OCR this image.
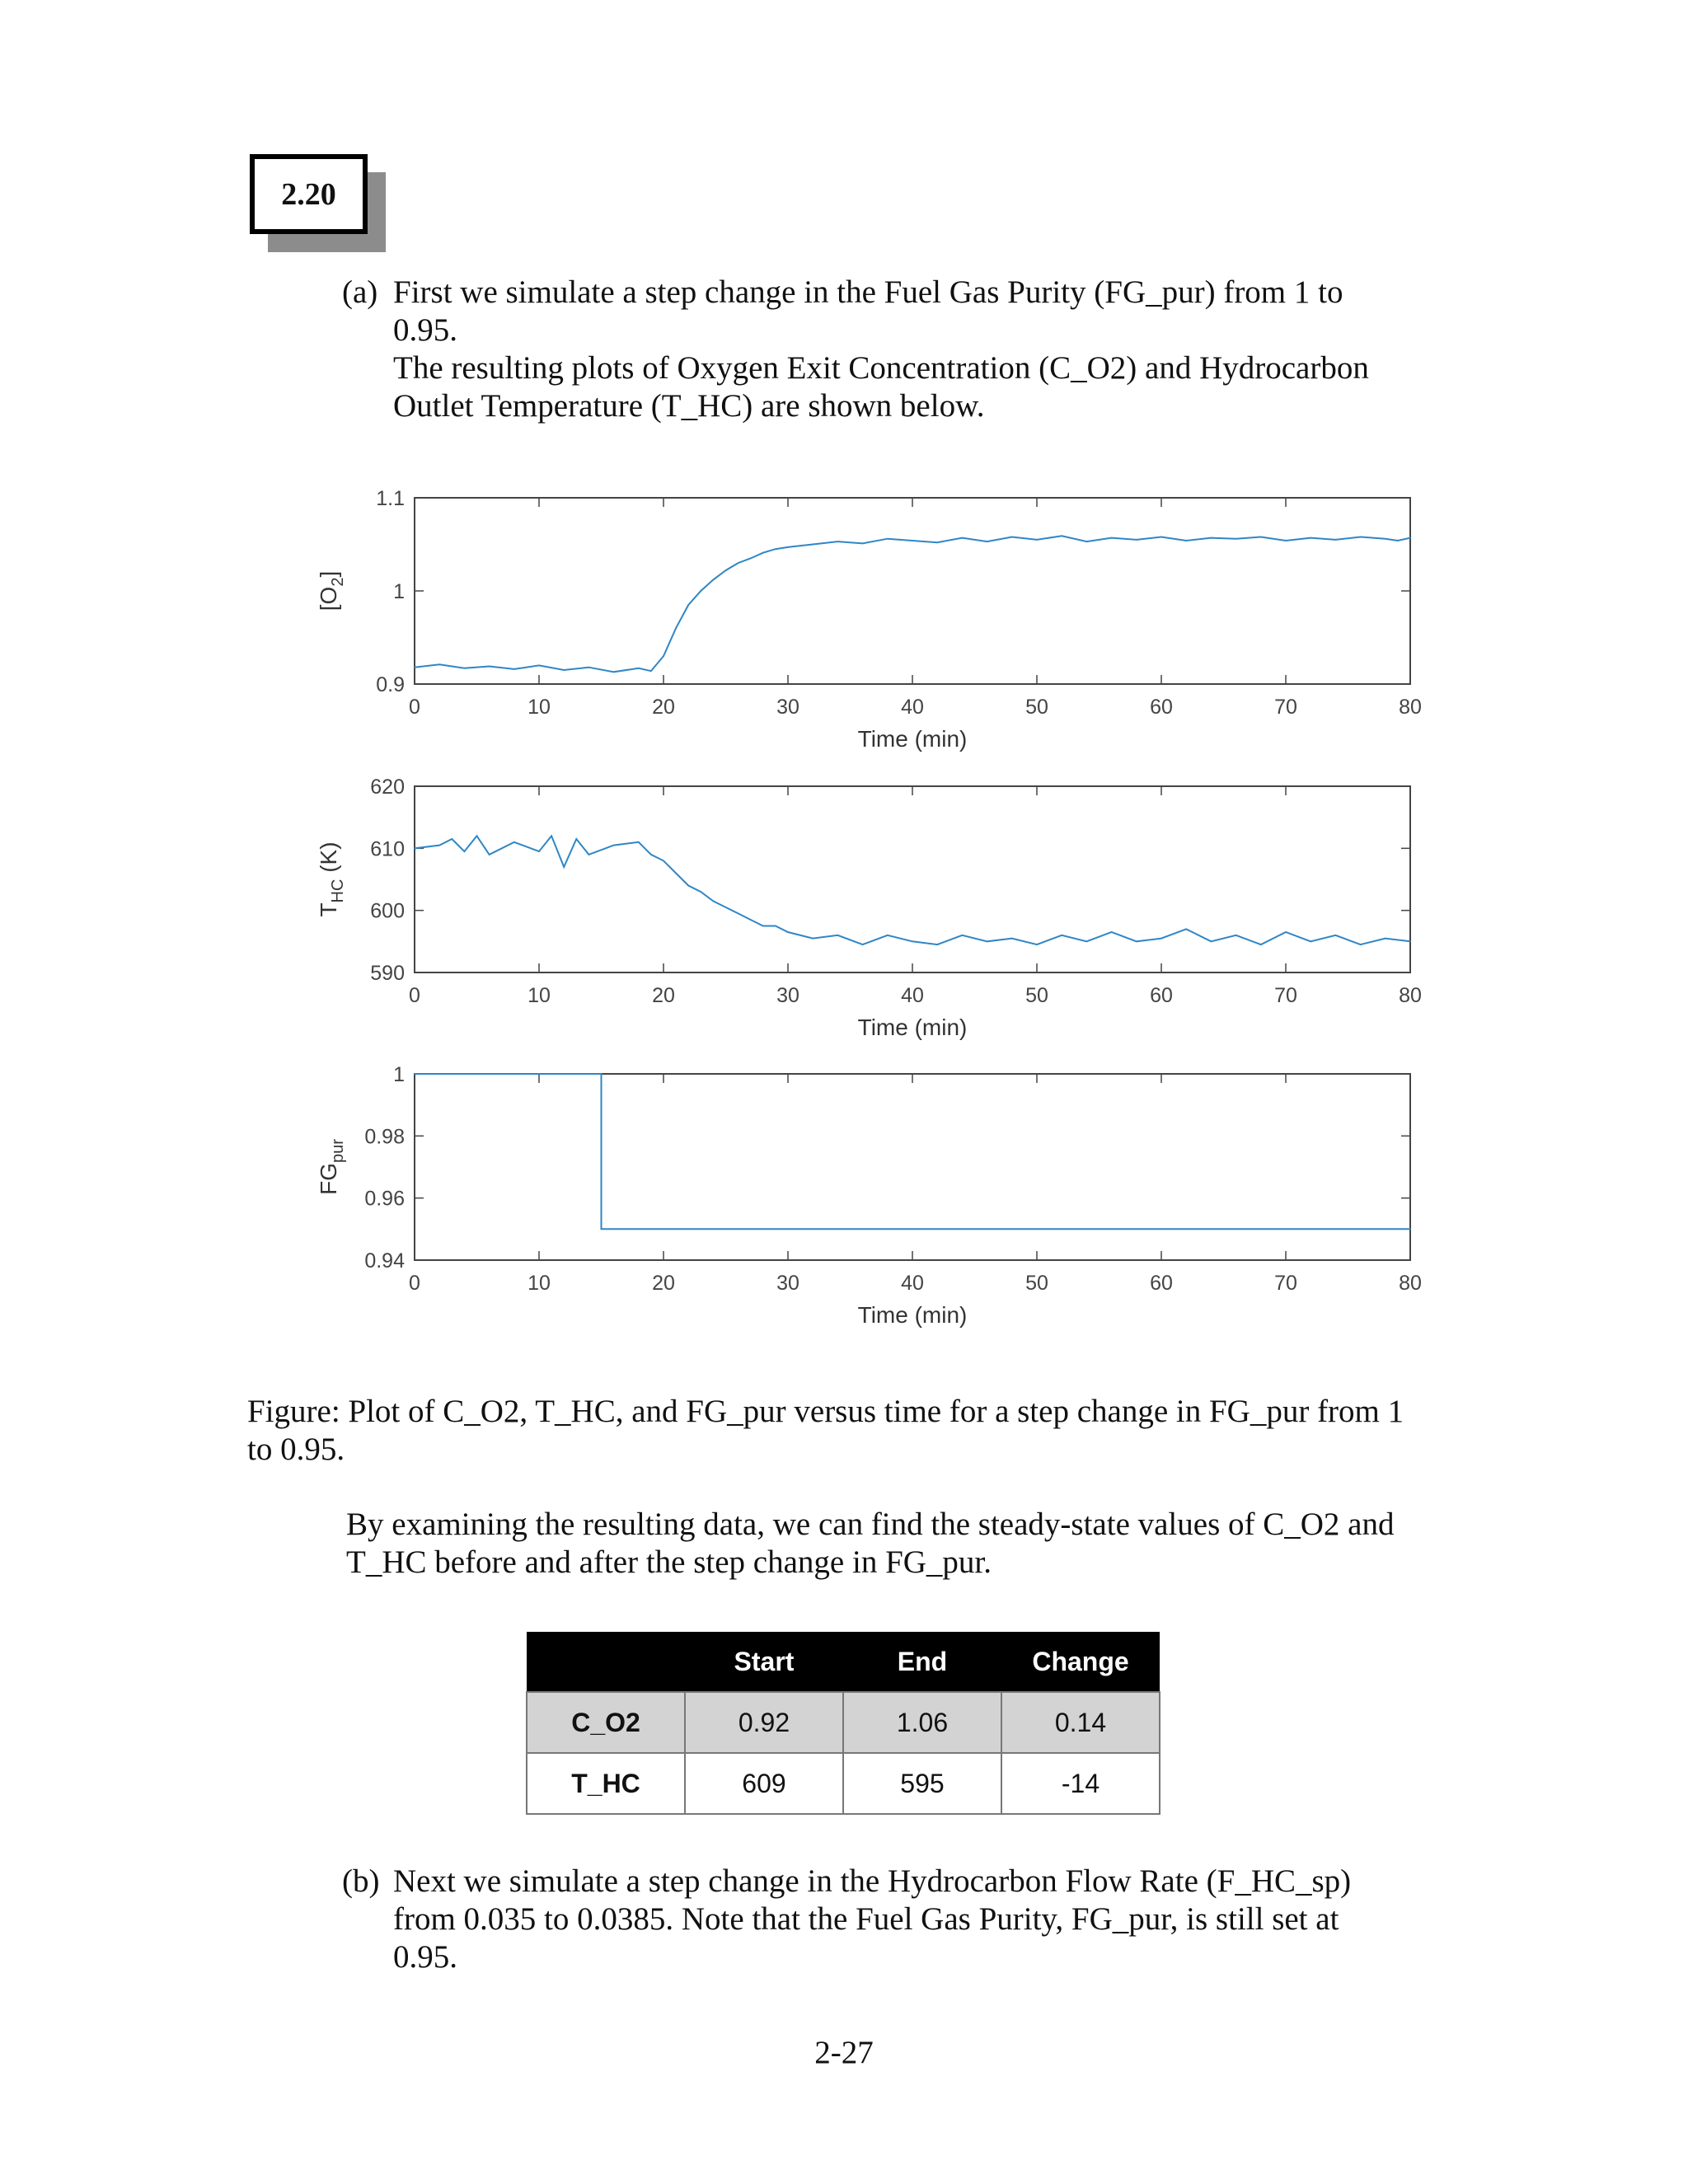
2.20
(a) First we simulate a step change in the Fuel Gas Purity (FG_pur) from 1 to
0.95.
The resulting plots of Oxygen Exit Concentration (C_O2) and Hydrocarbon
Outlet Temperature (T_HC) are shown below.
0	10	20	30	40	50	60	70	80
0.9
1
1.1
Time (min)
$[O_2]$
0	10	20	30	40	50	60	70	80
590
600
610
620
Time (min)
$T_{HC}$ (K)
0	10	20	30	40	50	60	70	80
0.94
0.96
0.98
1
Time (min)
$FG_{pur}$
Figure: Plot of C_O2, T_HC, and FG_pur versus time for a step change in FG_pur from 1
to 0.95.
By examining the resulting data, we can find the steady-state values of C_O2 and
T_HC before and after the step change in FG_pur.
	Start	End	Change
C_O2	0.92	1.06	0.14
T_HC	609	595	-14
(b) Next we simulate a step change in the Hydrocarbon Flow Rate (F_HC_sp)
from 0.035 to 0.0385. Note that the Fuel Gas Purity, FG_pur, is still set at
0.95.
2-27
